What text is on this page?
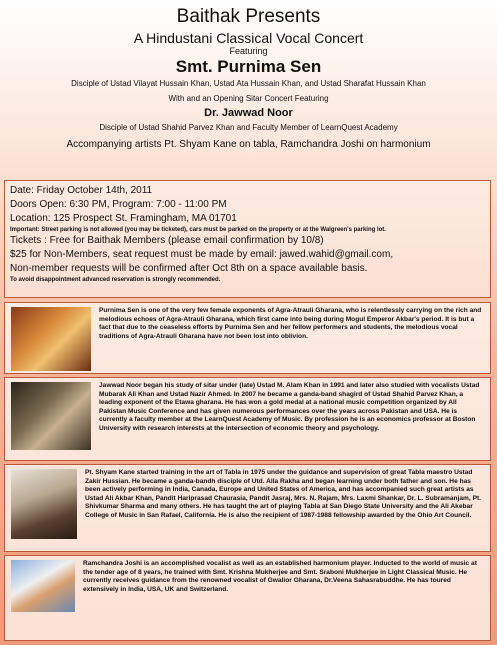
Baithak Presents
A Hindustani Classical Vocal Concert
Featuring
Smt. Purnima Sen
Disciple of Ustad Vilayat Hussain Khan, Ustad Ata Hussain Khan, and Ustad Sharafat Hussain Khan
With and an Opening Sitar Concert Featuring
Dr. Jawwad Noor
Disciple of Ustad Shahid Parvez Khan and Faculty Member of LearnQuest Academy
Accompanying artists Pt. Shyam Kane on tabla, Ramchandra Joshi on harmonium
Date: Friday October 14th, 2011
Doors Open: 6:30 PM, Program: 7:00 - 11:00 PM
Location: 125 Prospect St. Framingham, MA 01701
Important: Street parking is not allowed (you may be ticketed), cars must be parked on the property or at the Walgreen's parking lot.
Tickets : Free for Baithak Members (please email confirmation by 10/8)
$25 for Non-Members, seat request must be made by email: jawed.wahid@gmail.com,
Non-member requests will be confirmed after Oct 8th on a space available basis.
To avoid disappointment advanced reservation is strongly recommended.
Purnima Sen is one of the very few female exponents of Agra-Atrauli Gharana, who is relentlessly carrying on the rich and melodious echoes of Agra-Atrauli Gharana, which first came into being during Mogul Emperor Akbar's period. It is but a fact that due to the ceaseless efforts by Purnima Sen and her fellow performers and students, the melodious vocal traditions of Agra-Atrauli Gharana have not been lost into oblivion.
Jawwad Noor began his study of sitar under (late) Ustad M. Alam Khan in 1991 and later also studied with vocalists Ustad Mubarak Ali Khan and Ustad Nazir Ahmed. In 2007 he became a ganda-band shagird of Ustad Shahid Parvez Khan, a leading exponent of the Etawa gharana. He has won a gold medal at a national music competition organized by All Pakistan Music Conference and has given numerous performances over the years across Pakistan and USA. He is currently a faculty member at the LearnQuest Academy of Music. By profession he is an economics professor at Boston University with research interests at the intersection of economic theory and psychology.
Pt. Shyam Kane started training in the art of Tabla in 1975 under the guidance and supervision of great Tabla maestro Ustad Zakir Hussian. He became a ganda-bandh disciple of Utd. Alla Rakha and began learning under both father and son. He has been actively performing in India, Canada, Europe and United States of America, and has accompanied such great artists as Ustad Ali Akbar Khan, Pandit Hariprasad Chaurasia, Pandit Jasraj, Mrs. N. Rajam, Mrs. Laxmi Shankar, Dr. L. Subramanjam, Pt. Shivkumar Sharma and many others. He has taught the art of playing Tabla at San Diego State University and the Ali Akebar College of Music in San Rafael, California. He is also the recipient of 1987-1988 fellowship awarded by the Ohio Art Council.
Ramchandra Joshi is an accomplished vocalist as well as an established harmonium player. Inducted to the world of music at the tender age of 8 years, he trained with Smt. Krishna Mukherjee and Smt. Sraboni Mukherjee in Light Classical Music. He currently receives guidance from the renowned vocalist of Gwalior Gharana, Dr.Veena Sahasrabuddhe. He has toured extensively in India, USA, UK and Switzerland.
